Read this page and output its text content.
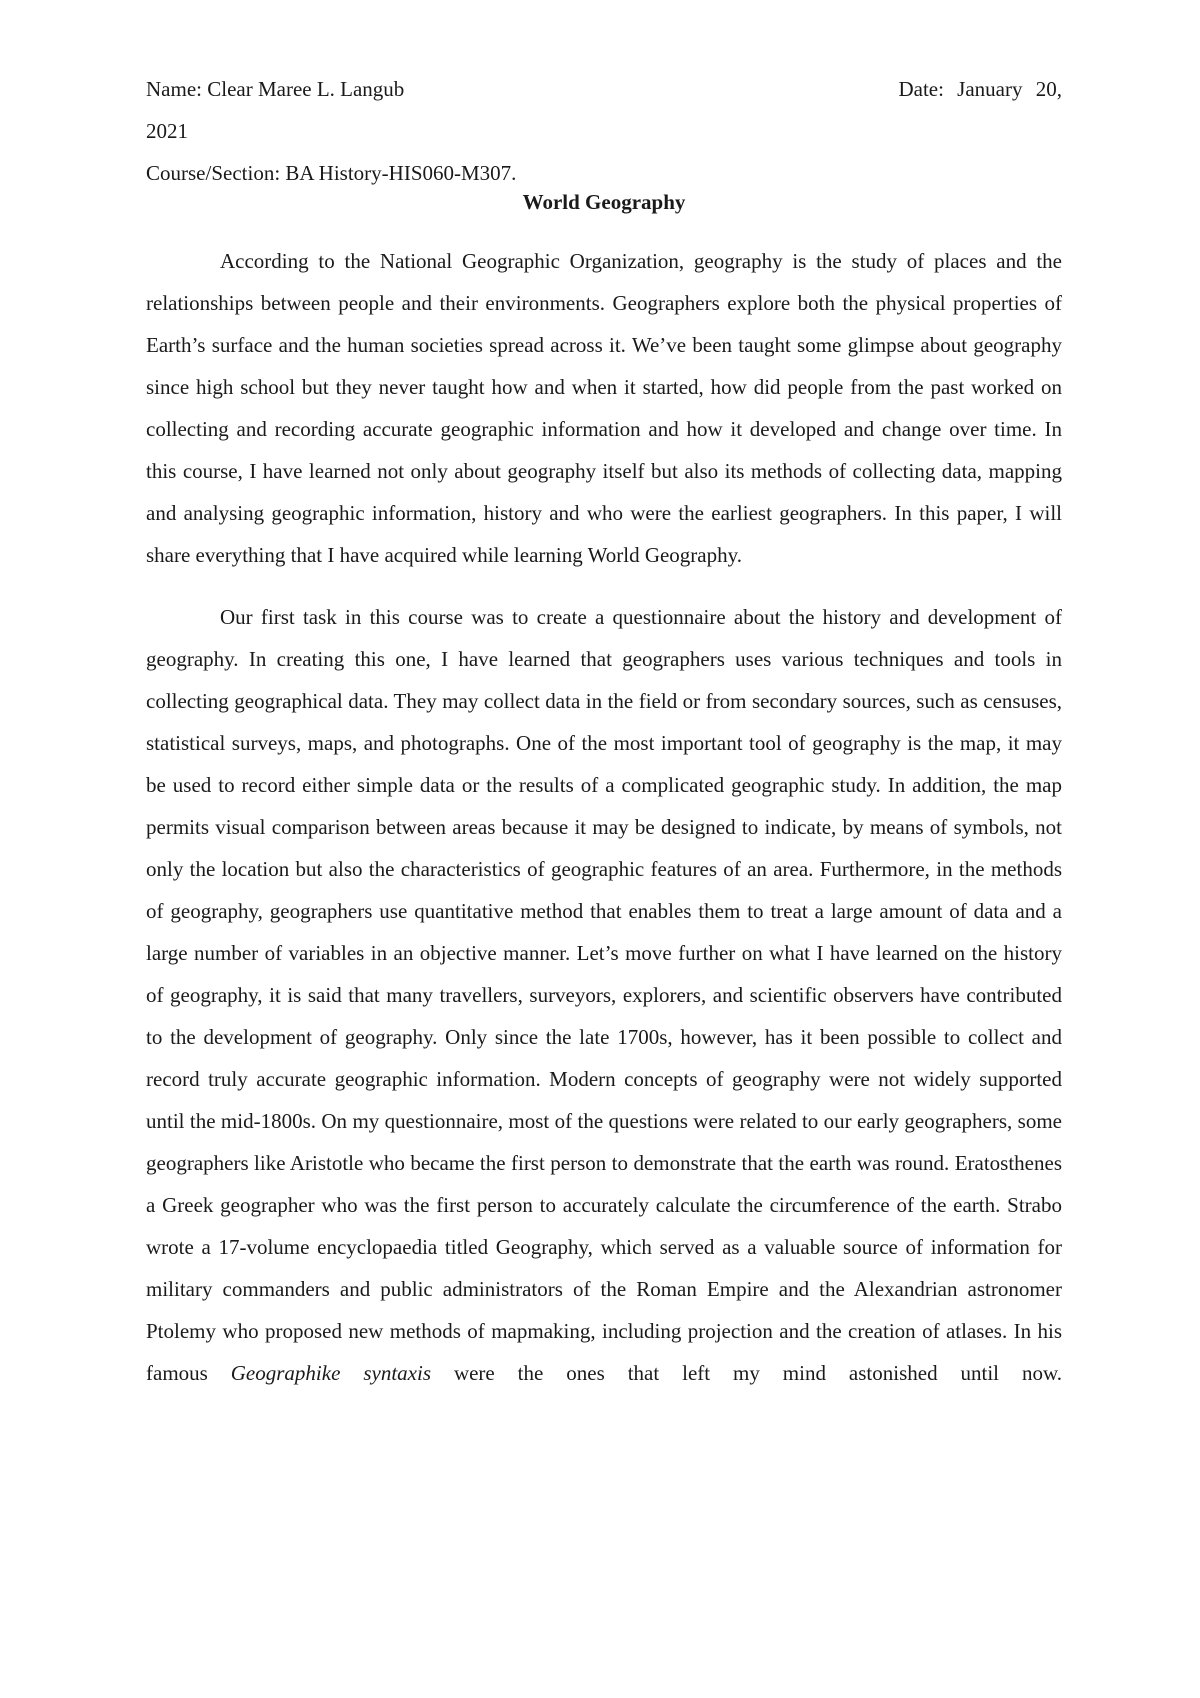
Name: Clear Maree L. Langub	Date: January 20,
2021
Course/Section: BA History-HIS060-M307.
World Geography

According to the National Geographic Organization, geography is the study of places and the relationships between people and their environments. Geographers explore both the physical properties of Earth’s surface and the human societies spread across it. We’ve been taught some glimpse about geography since high school but they never taught how and when it started, how did people from the past worked on collecting and recording accurate geographic information and how it developed and change over time. In this course, I have learned not only about geography itself but also its methods of collecting data, mapping and analysing geographic information, history and who were the earliest geographers. In this paper, I will share everything that I have acquired while learning World Geography.

Our first task in this course was to create a questionnaire about the history and development of geography. In creating this one, I have learned that geographers uses various techniques and tools in collecting geographical data. They may collect data in the field or from secondary sources, such as censuses, statistical surveys, maps, and photographs. One of the most important tool of geography is the map, it may be used to record either simple data or the results of a complicated geographic study. In addition, the map permits visual comparison between areas because it may be designed to indicate, by means of symbols, not only the location but also the characteristics of geographic features of an area. Furthermore, in the methods of geography, geographers use quantitative method that enables them to treat a large amount of data and a large number of variables in an objective manner. Let’s move further on what I have learned on the history of geography, it is said that many travellers, surveyors, explorers, and scientific observers have contributed to the development of geography. Only since the late 1700s, however, has it been possible to collect and record truly accurate geographic information. Modern concepts of geography were not widely supported until the mid-1800s. On my questionnaire, most of the questions were related to our early geographers, some geographers like Aristotle who became the first person to demonstrate that the earth was round. Eratosthenes a Greek geographer who was the first person to accurately calculate the circumference of the earth. Strabo wrote a 17-volume encyclopaedia titled Geography, which served as a valuable source of information for military commanders and public administrators of the Roman Empire and the Alexandrian astronomer Ptolemy who proposed new methods of mapmaking, including projection and the creation of atlases. In his famous Geographike syntaxis were the ones that left my mind astonished until now.
